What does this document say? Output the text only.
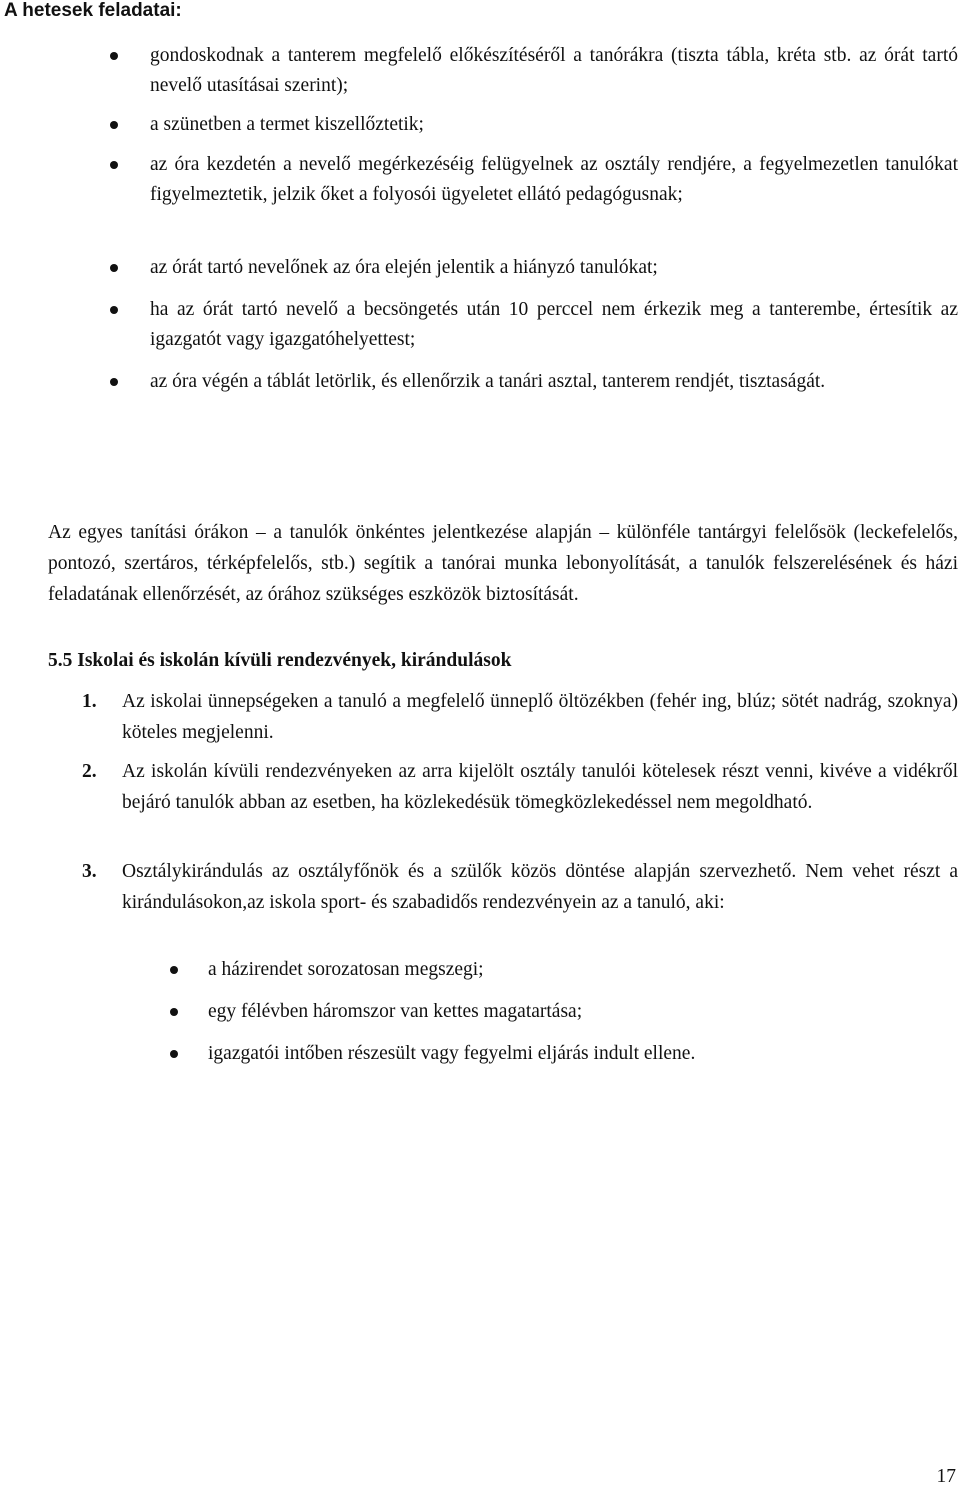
A hetesek feladatai:
gondoskodnak a tanterem megfelelő előkészítéséről a tanórákra (tiszta tábla, kréta stb. az órát tartó nevelő utasításai szerint);
a szünetben a termet kiszellőztetik;
az óra kezdetén a nevelő megérkezéséig felügyelnek az osztály rendjére, a fegyelmezetlen tanulókat figyelmeztetik, jelzik őket a folyosói ügyeletet ellátó pedagógusnak;
az órát tartó nevelőnek az óra elején jelentik a hiányzó tanulókat;
ha az órát tartó nevelő a becsöngetés után 10 perccel nem érkezik meg a tanterembe, értesítik az igazgatót vagy igazgatóhelyettest;
az óra végén a táblát letörlik, és ellenőrzik a tanári asztal, tanterem rendjét, tisztaságát.

Az egyes tanítási órákon – a tanulók önkéntes jelentkezése alapján – különféle tantárgyi felelősök (leckefelelős, pontozó, szertáros, térképfelelős, stb.) segítik a tanórai munka lebonyolítását, a tanulók felszerelésének és házi feladatának ellenőrzését, az órához szükséges eszközök biztosítását.

5.5 Iskolai és iskolán kívüli rendezvények, kirándulások
1. Az iskolai ünnepségeken a tanuló a megfelelő ünneplő öltözékben (fehér ing, blúz; sötét nadrág, szoknya) köteles megjelenni.
2. Az iskolán kívüli rendezvényeken az arra kijelölt osztály tanulói kötelesek részt venni, kivéve a vidékről bejáró tanulók abban az esetben, ha közlekedésük tömegközlekedéssel nem megoldható.
3. Osztálykirándulás az osztályfőnök és a szülők közös döntése alapján szervezhető. Nem vehet részt a kirándulásokon,az iskola sport- és szabadidős rendezvényein az a tanuló, aki:
a házirendet sorozatosan megszegi;
egy félévben háromszor van kettes magatartása;
igazgatói intőben részesült vagy fegyelmi eljárás indult ellene.
17
